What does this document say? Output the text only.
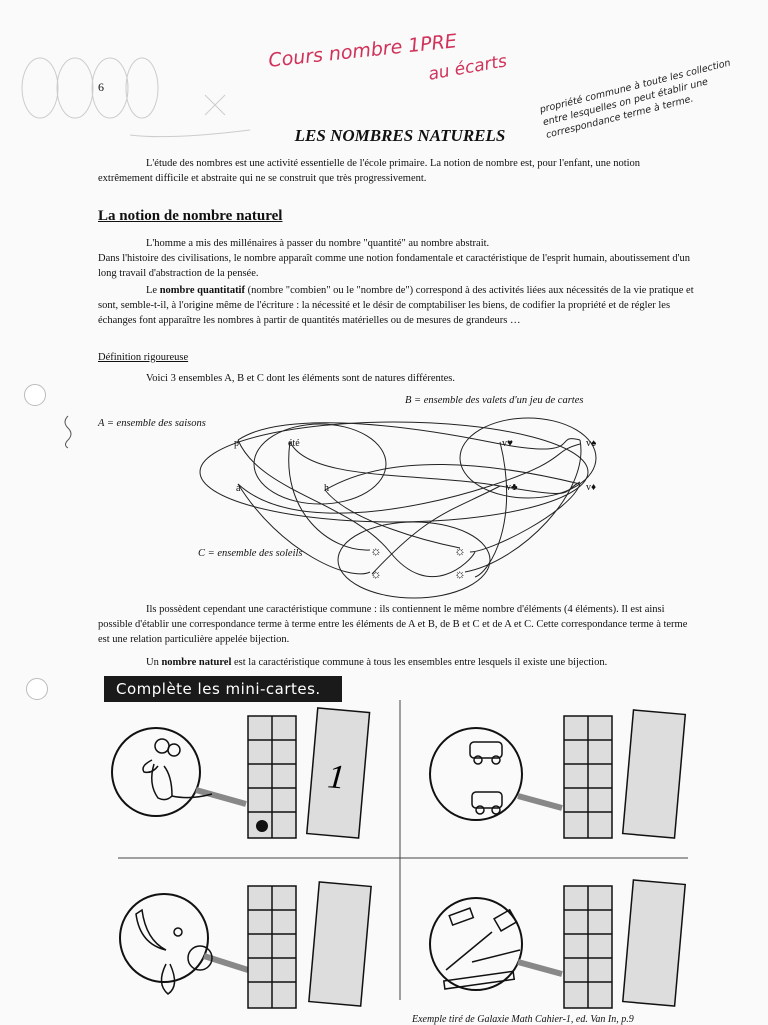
6
Cours nombre 1PRE
au écarts	propriété commune à toute les collection entre lesquelles on peut établir une correspondance terme à terme.
LES NOMBRES NATURELS
L'étude des nombres est une activité essentielle de l'école primaire. La notion de nombre est, pour l'enfant, une notion extrêmement difficile et abstraite qui ne se construit que très progressivement.
La notion de nombre naturel
L'homme a mis des millénaires à passer du nombre "quantité" au nombre abstrait.
Dans l'histoire des civilisations, le nombre apparaît comme une notion fondamentale et caractéristique de l'esprit humain, aboutissement d'un long travail d'abstraction de la pensée.
Le nombre quantitatif (nombre "combien" ou le "nombre de") correspond à des activités liées aux nécessités de la vie pratique et sont, semble-t-il, à l'origine même de l'écriture : la nécessité et le désir de comptabiliser les biens, de codifier la propriété et de régler les échanges font apparaître les nombres à partir de quantités matérielles ou de mesures de grandeurs …
Définition rigoureuse
Voici 3 ensembles A, B et C dont les éléments sont de natures différentes.
B = ensemble des valets d'un jeu de cartes
A = ensemble des saisons
C = ensemble des soleils
p	été
a	h
v♥	v♠
v♣	v♦
☼	☼
☼	☼
Ils possèdent cependant une caractéristique commune : ils contiennent le même nombre d'éléments (4 éléments). Il est ainsi possible d'établir une correspondance terme à terme entre les éléments de A et B, de B et C et de A et C. Cette correspondance terme à terme est une relation particulière appelée bijection.
Un nombre naturel est la caractéristique commune à tous les ensembles entre lesquels il existe une bijection.
Complète les mini-cartes.
1
Exemple tiré de Galaxie Math Cahier-1, ed. Van In, p.9
